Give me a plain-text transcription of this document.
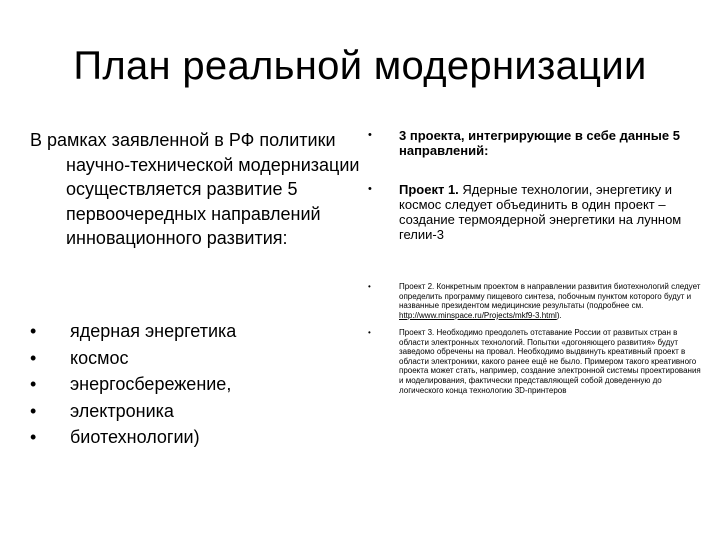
План реальной модернизации

В рамках заявленной в РФ политики научно-технической модернизации осуществляется развитие 5 первоочередных направлений инновационного развития:

• ядерная энергетика
• космос
• энергосбережение,
• электроника
• биотехнологии)
• 3 проекта, интегрирующие в себе данные 5 направлений:
• Проект 1. Ядерные технологии, энергетику и космос следует объединить в один проект – создание термоядерной энергетики на лунном гелии-3
•	Проект 2. Конкретным проектом в направлении развития биотехнологий следует определить программу пищевого синтеза, побочным пунктом которого будут и названные президентом медицинские результаты (подробнее см. http://www.minspace.ru/Projects/mkf9-3.html).
•	Проект 3. Необходимо преодолеть отставание России от развитых стран в области электронных технологий. Попытки «догоняющего развития» будут заведомо обречены на провал. Необходимо выдвинуть креативный проект в области электроники, какого ранее ещё не было. Примером такого креативного проекта может стать, например, создание электронной системы проектирования и моделирования, фактически представляющей собой доведенную до логического конца технологию 3D-принтеров
